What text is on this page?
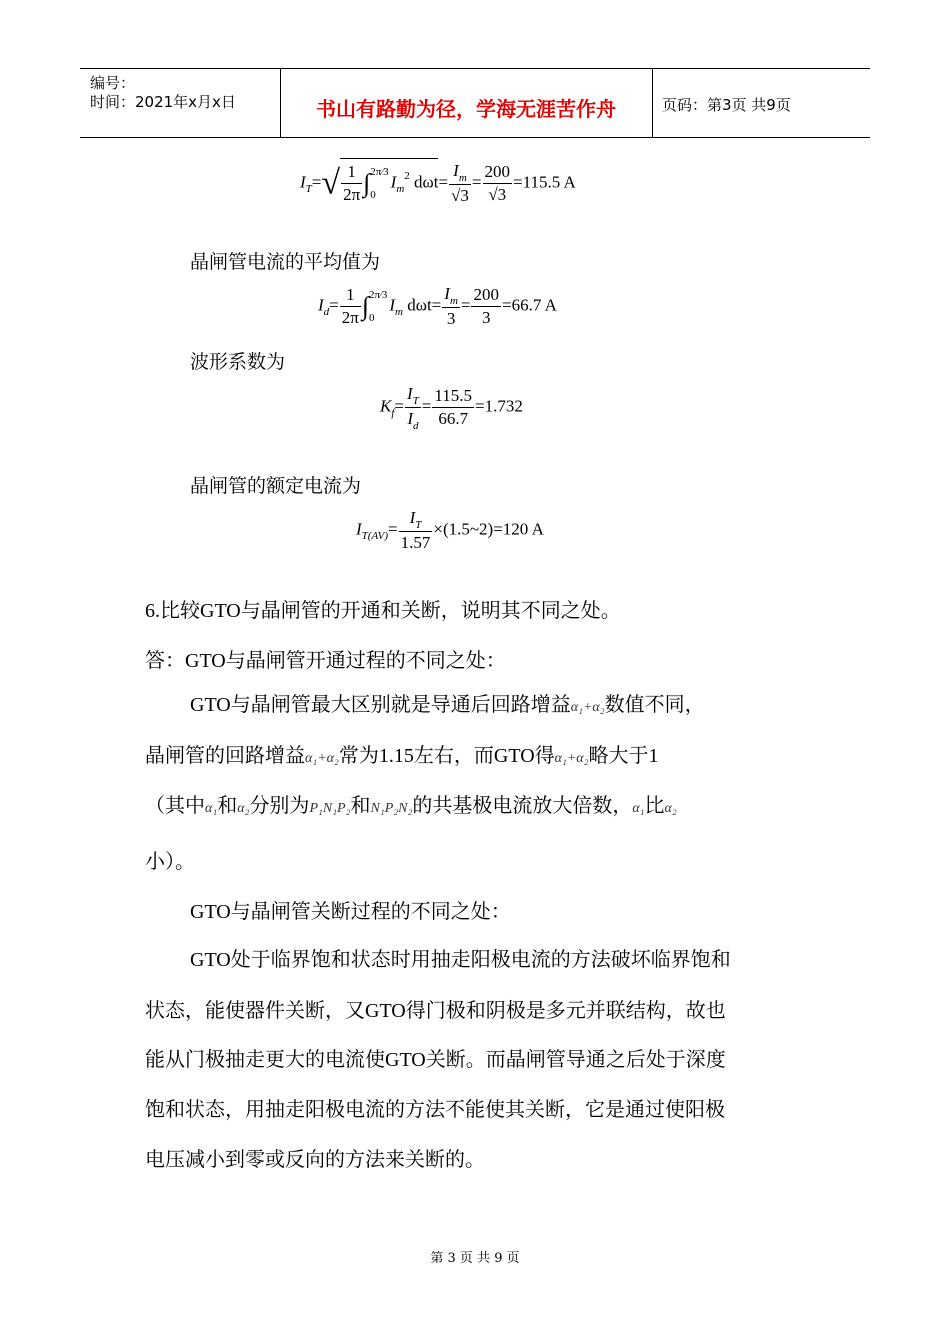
编号：
时间：2021年x月x日	书山有路勤为径，学海无涯苦作舟	页码：第3页 共9页
$I_T=√ \frac{1}{2\pi}$ ∫ 2π⁄3
0
$I_m^2$ $d\omega t= \frac{I_m}{√3} = \frac{200}{√3} =115.5$ A
晶闸管电流的平均值为
$I_d= \frac{1}{2\pi}$ ∫ 2π⁄3
0
$I_m$ $d\omega t= \frac{I_m}{3} = \frac{200}{3} =66.7$ A
波形系数为
$K_f= \frac{I_T}{I_d} = \frac{115.5}{66.7} =1.732$
晶闸管的额定电流为
$I_{T(AV)}= \frac{I_T}{1.57}$ ×(1.5~2)=120 A
6.比较GTO与晶闸管的开通和关断，说明其不同之处。
答：GTO与晶闸管开通过程的不同之处：
GTO与晶闸管最大区别就是导通后回路增益α₁+α₂数值不同，
晶闸管的回路增益α₁+α₂常为1.15左右，而GTO得α₁+α₂略大于1
（其中α₁和α₂分别为P₁N₁P₂和N₁P₂N₂的共基极电流放大倍数，α₁比α₂
小）。
GTO与晶闸管关断过程的不同之处：
GTO处于临界饱和状态时用抽走阳极电流的方法破坏临界饱和
状态，能使器件关断，又GTO得门极和阴极是多元并联结构，故也
能从门极抽走更大的电流使GTO关断。而晶闸管导通之后处于深度
饱和状态，用抽走阳极电流的方法不能使其关断，它是通过使阳极
电压减小到零或反向的方法来关断的。
第 3 页 共 9 页
